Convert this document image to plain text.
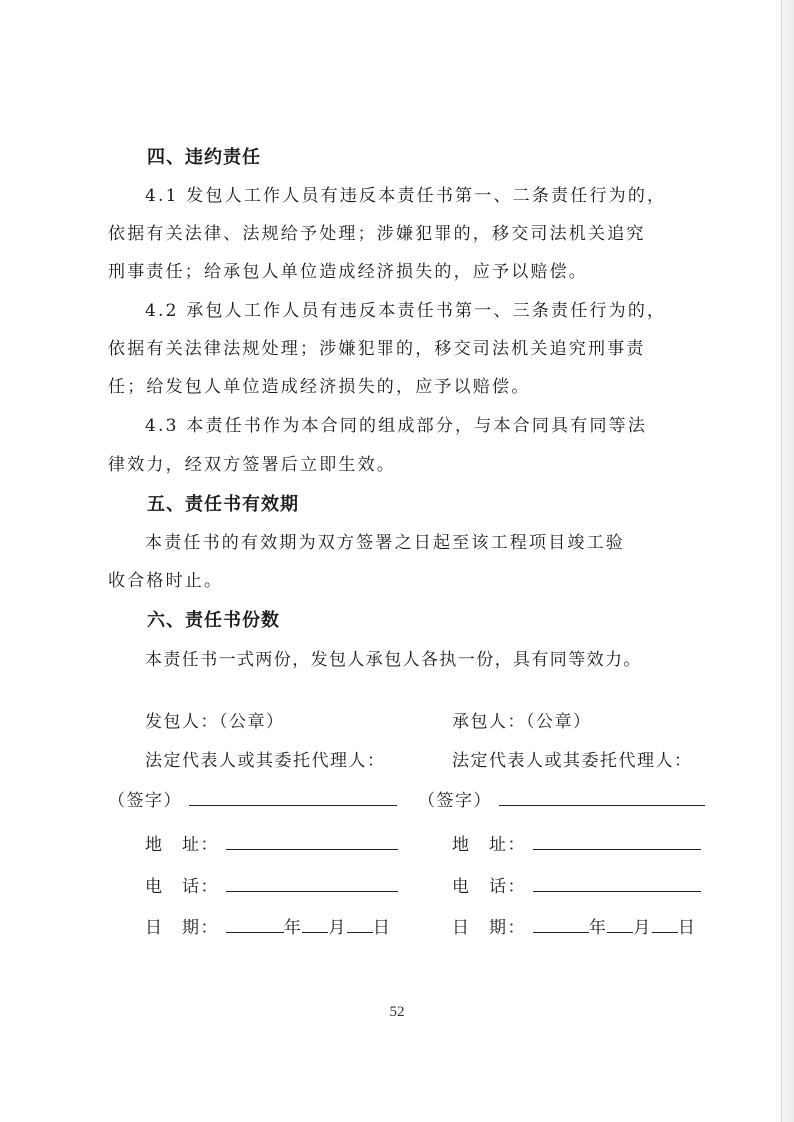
四、违约责任
4.1 发包人工作人员有违反本责任书第一、二条责任行为的，
依据有关法律、法规给予处理；涉嫌犯罪的，移交司法机关追究
刑事责任；给承包人单位造成经济损失的，应予以赔偿。
4.2 承包人工作人员有违反本责任书第一、三条责任行为的，
依据有关法律法规处理；涉嫌犯罪的，移交司法机关追究刑事责
任；给发包人单位造成经济损失的，应予以赔偿。
4.3 本责任书作为本合同的组成部分，与本合同具有同等法
律效力，经双方签署后立即生效。
五、责任书有效期
本责任书的有效期为双方签署之日起至该工程项目竣工验
收合格时止。
六、责任书份数
本责任书一式两份，发包人承包人各执一份，具有同等效力。
发包人：（公章）
法定代表人或其委托代理人：
（签字）
地　址：
电　话：
日　期：	年 月 日
承包人：（公章）
法定代表人或其委托代理人：
（签字）
地　址：
电　话：
日　期：	年 月 日
52
